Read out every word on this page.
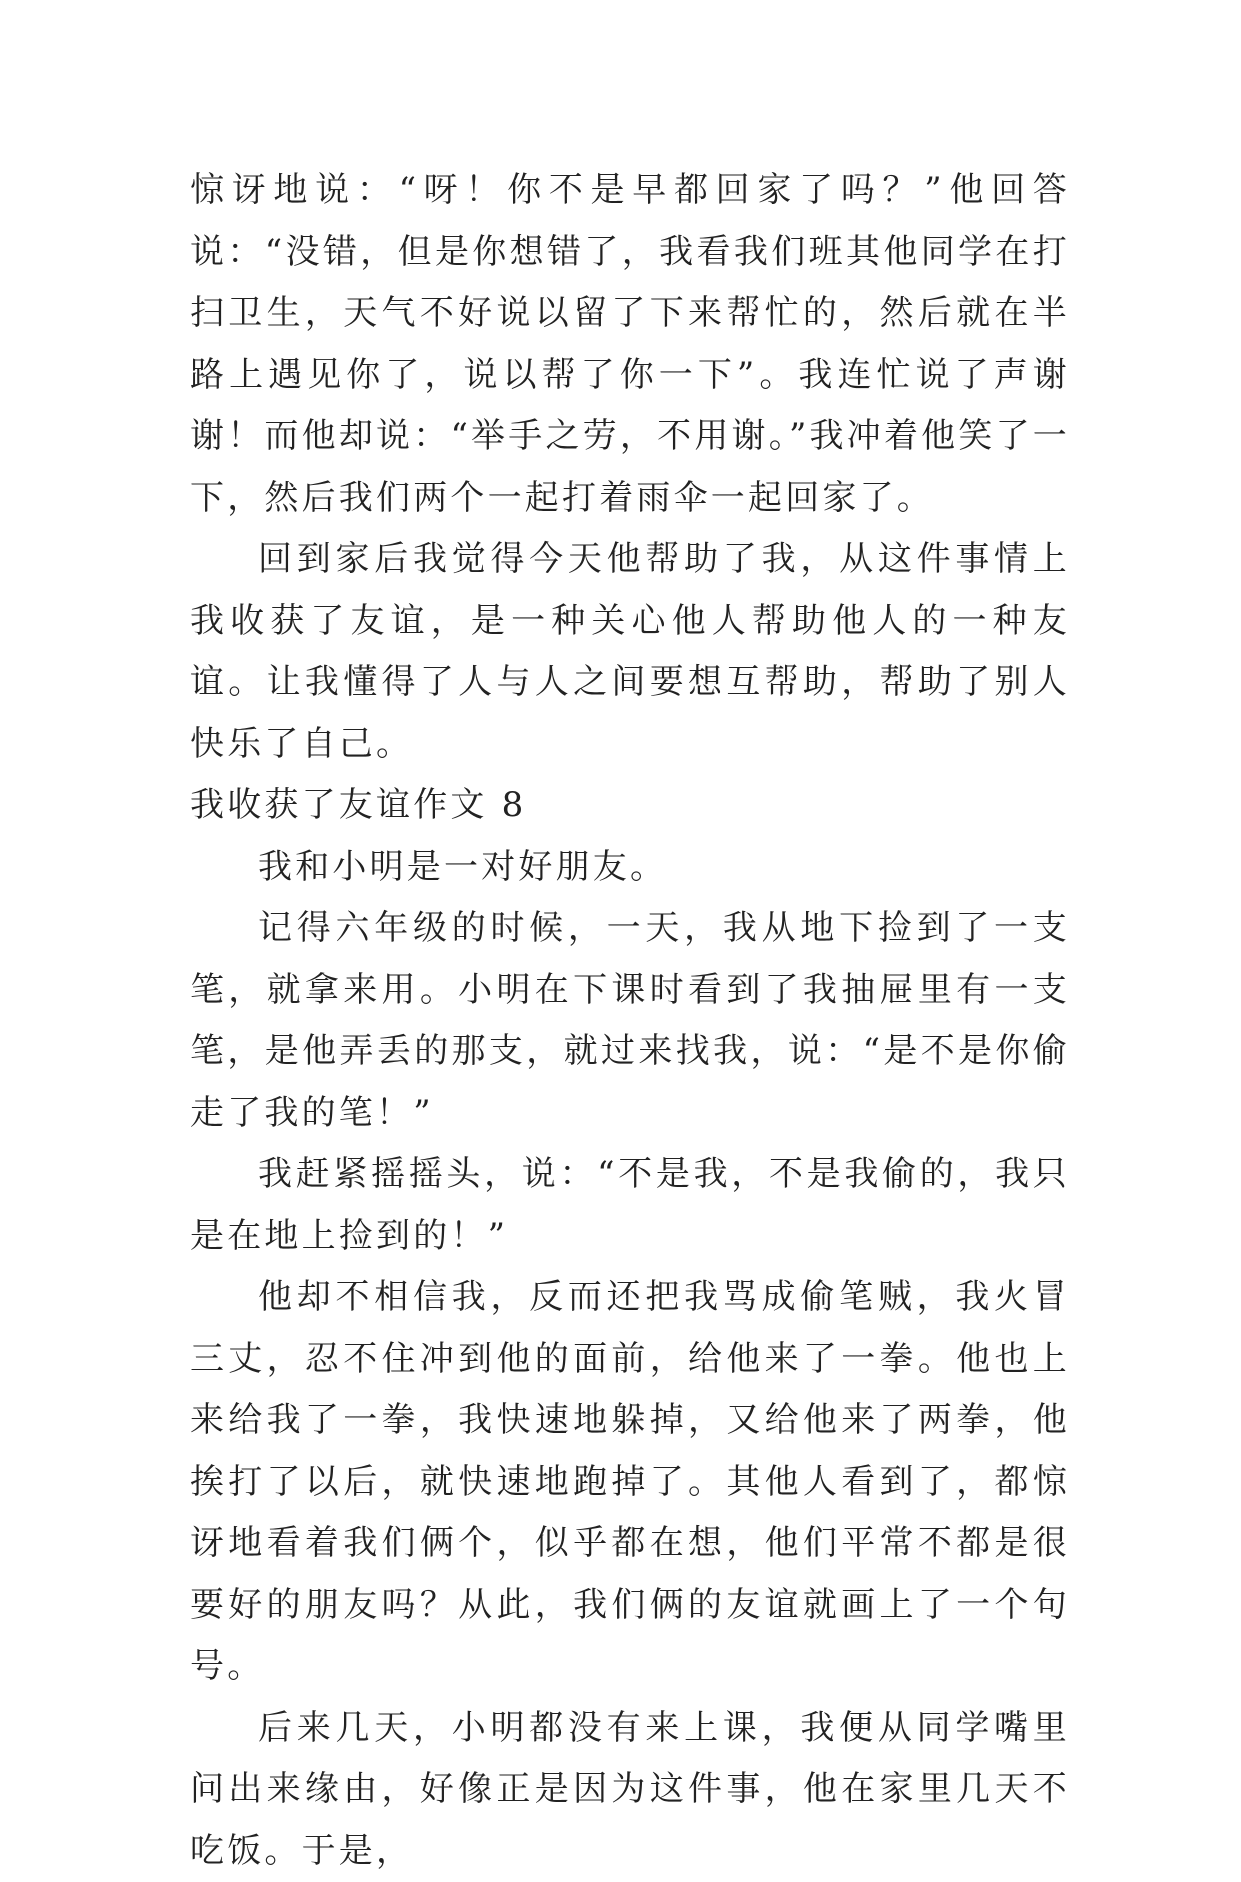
惊讶地说：“呀！你不是早都回家了吗？”他回答说：“没错，但是你想错了，我看我们班其他同学在打扫卫生，天气不好说以留了下来帮忙的，然后就在半路上遇见你了，说以帮了你一下”。我连忙说了声谢谢！而他却说：“举手之劳，不用谢。”我冲着他笑了一下，然后我们两个一起打着雨伞一起回家了。

回到家后我觉得今天他帮助了我，从这件事情上我收获了友谊，是一种关心他人帮助他人的一种友谊。让我懂得了人与人之间要想互帮助，帮助了别人快乐了自己。

我收获了友谊作文 8

我和小明是一对好朋友。

记得六年级的时候，一天，我从地下捡到了一支笔，就拿来用。小明在下课时看到了我抽屉里有一支笔，是他弄丢的那支，就过来找我，说：“是不是你偷走了我的笔！”

我赶紧摇摇头，说：“不是我，不是我偷的，我只是在地上捡到的！”

他却不相信我，反而还把我骂成偷笔贼，我火冒三丈，忍不住冲到他的面前，给他来了一拳。他也上来给我了一拳，我快速地躲掉，又给他来了两拳，他挨打了以后，就快速地跑掉了。其他人看到了，都惊讶地看着我们俩个，似乎都在想，他们平常不都是很要好的朋友吗？从此，我们俩的友谊就画上了一个句号。

后来几天，小明都没有来上课，我便从同学嘴里问出来缘由，好像正是因为这件事，他在家里几天不吃饭。于是，
